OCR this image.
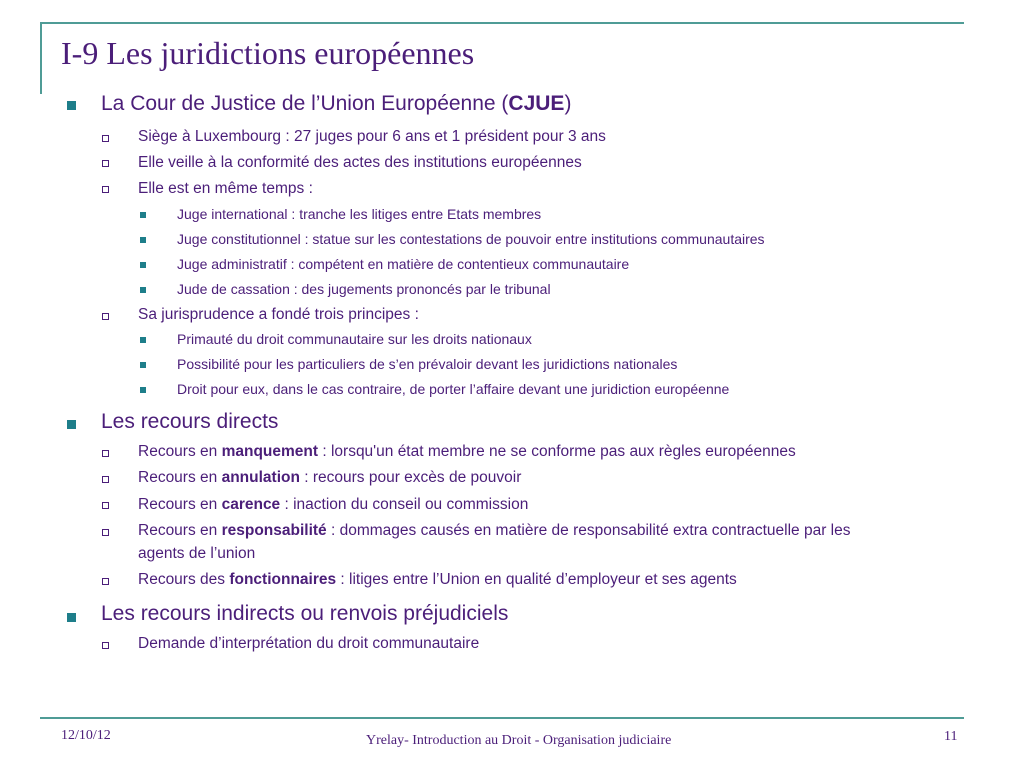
I-9 Les juridictions européennes
La Cour de Justice de l’Union Européenne (CJUE)
Siège à Luxembourg : 27 juges pour 6 ans et 1 président pour 3 ans
Elle veille à la conformité des actes des institutions européennes
Elle est en même temps :
Juge international : tranche les litiges entre Etats membres
Juge constitutionnel : statue sur les contestations de pouvoir entre institutions communautaires
Juge administratif : compétent en matière de contentieux communautaire
Jude de cassation : des jugements prononcés par le tribunal
Sa jurisprudence a fondé trois principes :
Primauté du droit communautaire sur les droits nationaux
Possibilité pour les particuliers de s’en prévaloir devant les juridictions nationales
Droit pour eux, dans le cas contraire, de porter l’affaire devant une juridiction européenne
Les recours directs
Recours en manquement : lorsqu'un état membre ne se conforme pas aux règles européennes
Recours en annulation : recours pour excès de pouvoir
Recours en carence : inaction du conseil ou commission
Recours en responsabilité : dommages causés en matière de responsabilité extra contractuelle par les
agents de l’union
Recours des fonctionnaires : litiges entre l’Union en qualité d’employeur et ses agents
Les recours indirects ou renvois préjudiciels
Demande d’interprétation du droit communautaire
12/10/12	Yrelay- Introduction au Droit - Organisation judiciaire	11
